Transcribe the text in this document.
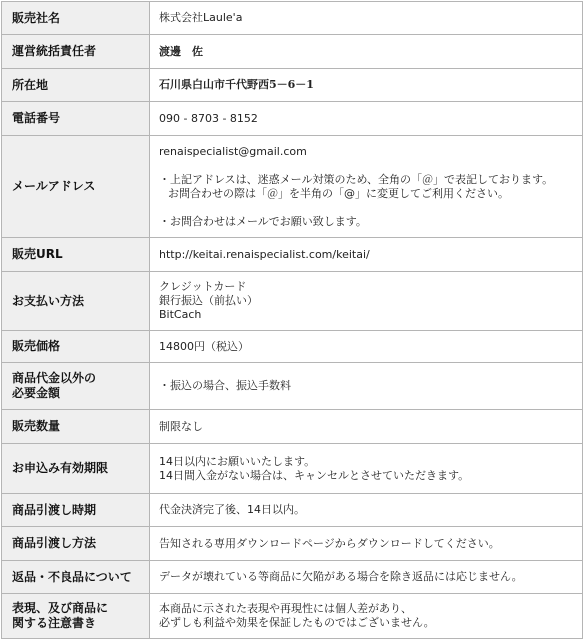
販売社名	株式会社Laule'a
運営統括責任者	渡邊　佐
所在地	石川県白山市千代野西5－6－1
電話番号	090 - 8703 - 8152
メールアドレス	renaispecialist@gmail.com
・上記アドレスは、迷惑メール対策のため、全角の「＠」で表記しております。
お問合わせの際は「＠」を半角の「@」に変更してご利用ください。
・お問合わせはメールでお願い致します。

販売URL	http://keitai.renaispecialist.com/keitai/
お支払い方法	クレジットカード
銀行振込（前払い）
BitCach

販売価格	14800円（税込）

商品代金以外の
必要金額	・振込の場合、振込手数料
販売数量	制限なし
お申込み有効期限	14日以内にお願いいたします。
14日間入金がない場合は、キャンセルとさせていただきます。

商品引渡し時期	代金決済完了後、14日以内。
商品引渡し方法	告知される専用ダウンロードページからダウンロードしてください。
返品・不良品について	データが壊れている等商品に欠陥がある場合を除き返品には応じません。

表現、及び商品に
関する注意書き	本商品に示された表現や再現性には個人差があり、
必ずしも利益や効果を保証したものではございません。
